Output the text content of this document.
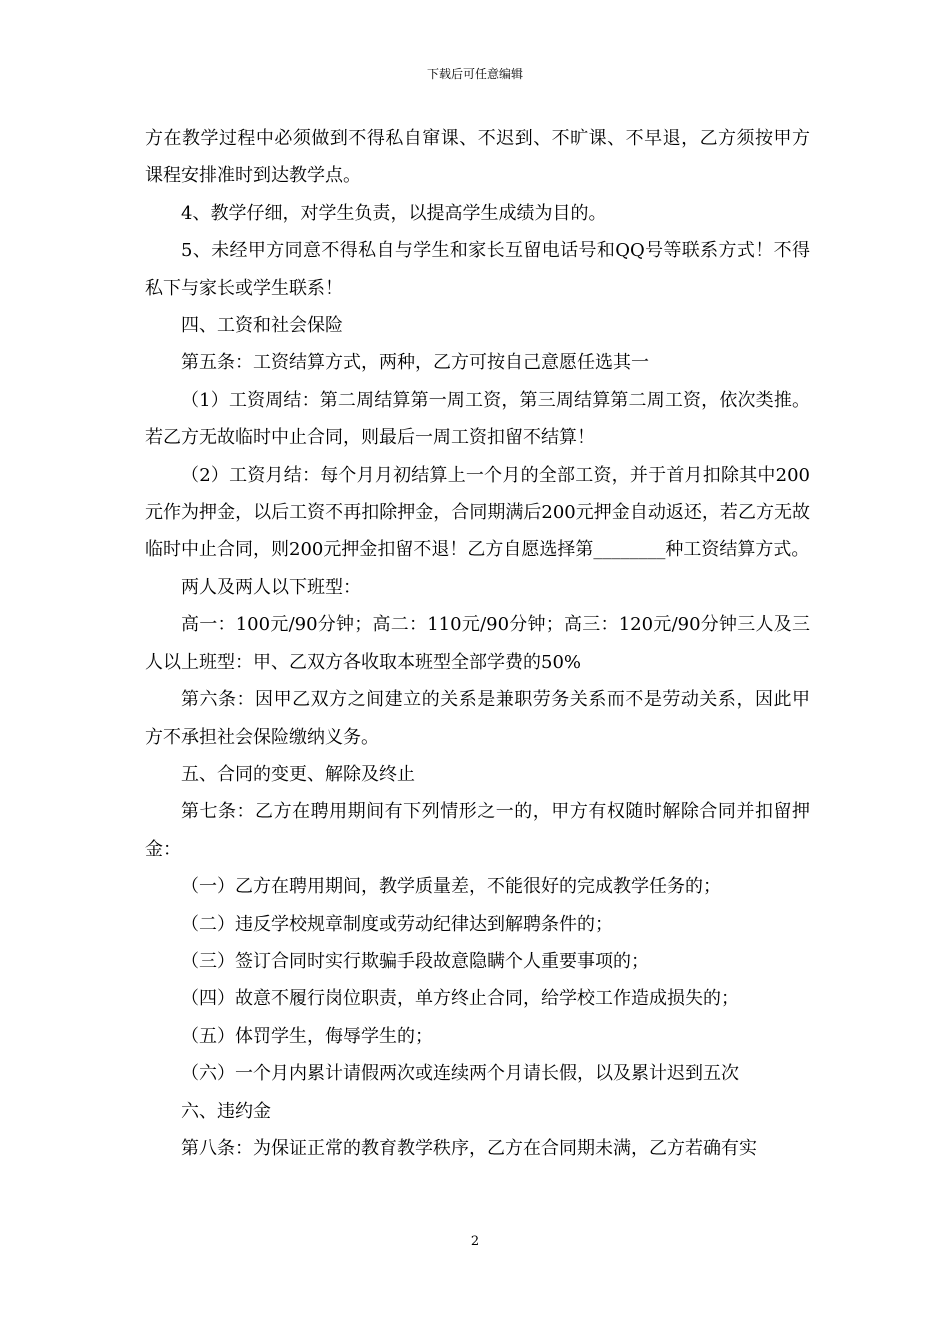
下载后可任意编辑

方在教学过程中必须做到不得私自窜课、不迟到、不旷课、不早退，乙方须按甲方课程安排准时到达教学点。

4、教学仔细，对学生负责，以提高学生成绩为目的。

5、未经甲方同意不得私自与学生和家长互留电话号和QQ号等联系方式！不得私下与家长或学生联系！

四、工资和社会保险

第五条：工资结算方式，两种，乙方可按自己意愿任选其一

（1）工资周结：第二周结算第一周工资，第三周结算第二周工资，依次类推。若乙方无故临时中止合同，则最后一周工资扣留不结算！

（2）工资月结：每个月月初结算上一个月的全部工资，并于首月扣除其中200元作为押金，以后工资不再扣除押金，合同期满后200元押金自动返还，若乙方无故临时中止合同，则200元押金扣留不退！乙方自愿选择第________种工资结算方式。

两人及两人以下班型：

高一：100元/90分钟；高二：110元/90分钟；高三：120元/90分钟三人及三人以上班型：甲、乙双方各收取本班型全部学费的50%

第六条：因甲乙双方之间建立的关系是兼职劳务关系而不是劳动关系，因此甲方不承担社会保险缴纳义务。

五、合同的变更、解除及终止

第七条：乙方在聘用期间有下列情形之一的，甲方有权随时解除合同并扣留押金：

（一）乙方在聘用期间，教学质量差，不能很好的完成教学任务的；

（二）违反学校规章制度或劳动纪律达到解聘条件的；

（三）签订合同时实行欺骗手段故意隐瞒个人重要事项的；

（四）故意不履行岗位职责，单方终止合同，给学校工作造成损失的；

（五）体罚学生，侮辱学生的；

（六）一个月内累计请假两次或连续两个月请长假，以及累计迟到五次

六、违约金

第八条：为保证正常的教育教学秩序，乙方在合同期未满，乙方若确有实

2
